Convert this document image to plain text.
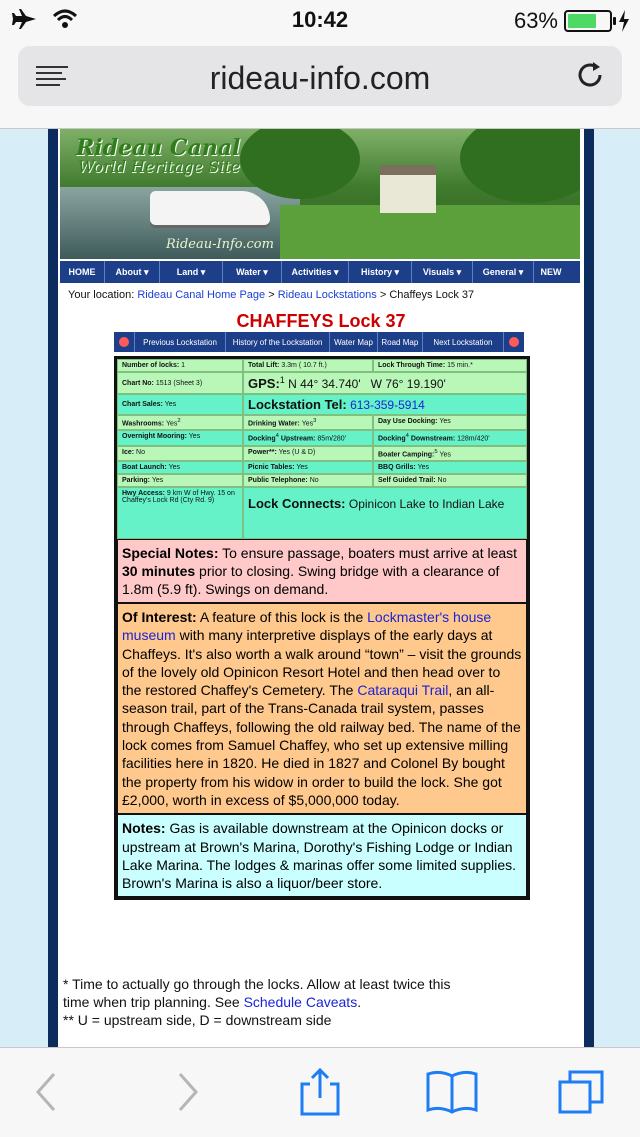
10:42	63%
rideau-info.com
Rideau Canal
World Heritage Site
Rideau-Info.com
HOME	About ▾	Land ▾	Water ▾	Activities ▾	History ▾	Visuals ▾	General ▾	NEW
Your location: Rideau Canal Home Page > Rideau Lockstations > Chaffeys Lock 37
CHAFFEYS Lock 37
Previous Lockstation	History of the Lockstation	Water Map	Road Map	Next Lockstation
Number of locks: 1	Total Lift: 3.3m ( 10.7 ft.)	Lock Through Time: 15 min.*
Chart No: 1513 (Sheet 3)	GPS:$^1$ N 44° 34.740' W 76° 19.190'
Chart Sales: Yes	Lockstation Tel: 613-359-5914
Washrooms: Yes$^2$	Drinking Water: Yes$^3$	Day Use Docking: Yes
Overnight Mooring: Yes	Docking$^4$ Upstream: 85m/280'	Docking$^4$ Downstream: 128m/420'
Ice: No	Power**: Yes (U & D)	Boater Camping:$^5$ Yes
Boat Launch: Yes	Picnic Tables: Yes	BBQ Grills: Yes
Parking: Yes	Public Telephone: No	Self Guided Trail: No
Hwy Access: 9 km W of Hwy. 15 on Chaffey's Lock Rd (Cty Rd. 9)	Lock Connects: Opinicon Lake to Indian Lake
Special Notes: To ensure passage, boaters must arrive at least 30 minutes prior to closing. Swing bridge with a clearance of 1.8m (5.9 ft). Swings on demand.
Of Interest: A feature of this lock is the Lockmaster's house museum with many interpretive displays of the early days at Chaffeys. It's also worth a walk around “town” – visit the grounds of the lovely old Opinicon Resort Hotel and then head over to the restored Chaffey's Cemetery. The Cataraqui Trail, an all-season trail, part of the Trans-Canada trail system, passes through Chaffeys, following the old railway bed. The name of the lock comes from Samuel Chaffey, who set up extensive milling facilities here in 1820. He died in 1827 and Colonel By bought the property from his widow in order to build the lock. She got £2,000, worth in excess of $5,000,000 today.
Notes: Gas is available downstream at the Opinicon docks or upstream at Brown's Marina, Dorothy's Fishing Lodge or Indian Lake Marina. The lodges & marinas offer some limited supplies. Brown's Marina is also a liquor/beer store.
* Time to actually go through the locks. Allow at least twice this time when trip planning. See Schedule Caveats.
** U = upstream side, D = downstream side
